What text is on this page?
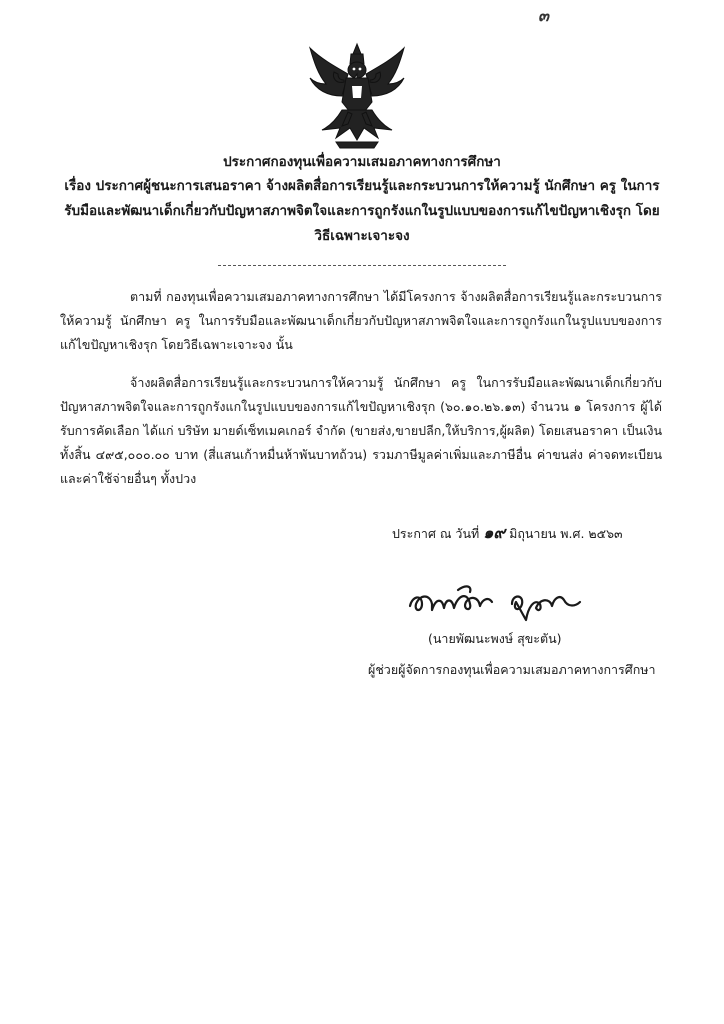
๓
ประกาศกองทุนเพื่อความเสมอภาคทางการศึกษา
เรื่อง ประกาศผู้ชนะการเสนอราคา จ้างผลิตสื่อการเรียนรู้และกระบวนการให้ความรู้ นักศึกษา ครู ในการรับมือและพัฒนาเด็กเกี่ยวกับปัญหาสภาพจิตใจและการถูกรังแกในรูปแบบของการแก้ไขปัญหาเชิงรุก โดยวิธีเฉพาะเจาะจง
ตามที่ กองทุนเพื่อความเสมอภาคทางการศึกษา ได้มีโครงการ จ้างผลิตสื่อการเรียนรู้และกระบวนการให้ความรู้ นักศึกษา ครู ในการรับมือและพัฒนาเด็กเกี่ยวกับปัญหาสภาพจิตใจและการถูกรังแกในรูปแบบของการแก้ไขปัญหาเชิงรุก โดยวิธีเฉพาะเจาะจง นั้น
จ้างผลิตสื่อการเรียนรู้และกระบวนการให้ความรู้ นักศึกษา ครู ในการรับมือและพัฒนาเด็กเกี่ยวกับปัญหาสภาพจิตใจและการถูกรังแกในรูปแบบของการแก้ไขปัญหาเชิงรุก (๖๐.๑๐.๒๖.๑๓) จำนวน ๑ โครงการ ผู้ได้รับการคัดเลือก ได้แก่ บริษัท มายด์เซ็ทเมคเกอร์ จำกัด (ขายส่ง,ขายปลีก,ให้บริการ,ผู้ผลิต) โดยเสนอราคา เป็นเงินทั้งสิ้น ๔๙๕,๐๐๐.๐๐ บาท (สี่แสนเก้าหมื่นห้าพันบาทถ้วน) รวมภาษีมูลค่าเพิ่มและภาษีอื่น ค่าขนส่ง ค่าจดทะเบียน และค่าใช้จ่ายอื่นๆ ทั้งปวง
ประกาศ ณ วันที่ ๑๙ มิถุนายน พ.ศ. ๒๕๖๓
(นายพัฒนะพงษ์ สุขะตัน)
ผู้ช่วยผู้จัดการกองทุนเพื่อความเสมอภาคทางการศึกษา
